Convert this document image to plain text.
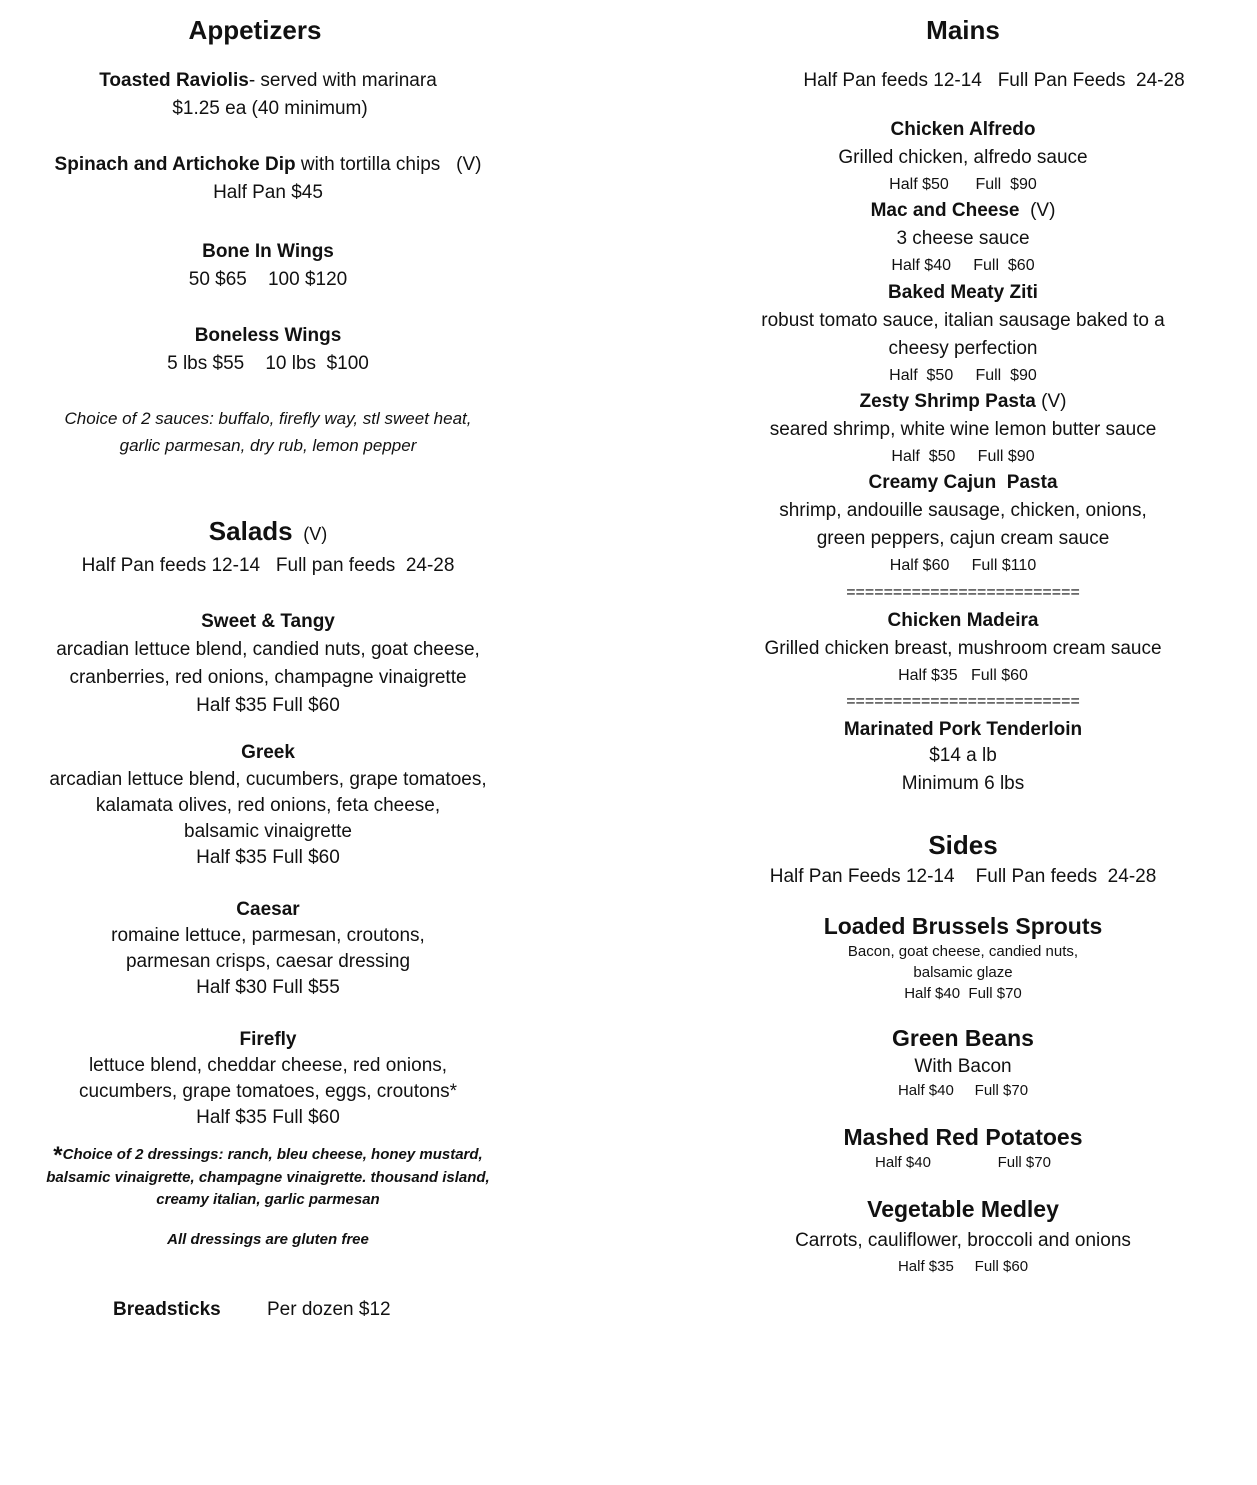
Appetizers
Toasted Raviolis- served with marinara
$1.25 ea (40 minimum)
Spinach and Artichoke Dip with tortilla chips   (V)
Half Pan $45
Bone In Wings
50 $65    100 $120
Boneless Wings
5 lbs $55    10 lbs  $100
Choice of 2 sauces: buffalo, firefly way, stl sweet heat,
garlic parmesan, dry rub, lemon pepper
Salads (V)
Half Pan feeds 12-14   Full pan feeds  24-28
Sweet & Tangy
arcadian lettuce blend, candied nuts, goat cheese,
cranberries, red onions, champagne vinaigrette
Half $35 Full $60
Greek
arcadian lettuce blend, cucumbers, grape tomatoes,
kalamata olives, red onions, feta cheese,
balsamic vinaigrette
Half $35 Full $60
Caesar
romaine lettuce, parmesan, croutons,
parmesan crisps, caesar dressing
Half $30 Full $55
Firefly
lettuce blend, cheddar cheese, red onions,
cucumbers, grape tomatoes, eggs, croutons*
Half $35 Full $60
*Choice of 2 dressings: ranch, bleu cheese, honey mustard,
balsamic vinaigrette, champagne vinaigrette. thousand island,
creamy italian, garlic parmesan
All dressings are gluten free
Breadsticks Per dozen $12
Mains
Half Pan feeds 12-14   Full Pan Feeds  24-28
Chicken Alfredo
Grilled chicken, alfredo sauce
Half $50      Full  $90
Mac and Cheese  (V)
3 cheese sauce
Half $40     Full  $60
Baked Meaty Ziti
robust tomato sauce, italian sausage baked to a
cheesy perfection
Half  $50     Full  $90
Zesty Shrimp Pasta (V)
seared shrimp, white wine lemon butter sauce
Half  $50     Full $90
Creamy Cajun  Pasta
shrimp, andouille sausage, chicken, onions,
green peppers, cajun cream sauce
Half $60     Full $110
=========================
Chicken Madeira
Grilled chicken breast, mushroom cream sauce
Half $35   Full $60
=========================
Marinated Pork Tenderloin
$14 a lb
Minimum 6 lbs
Sides
Half Pan Feeds 12-14    Full Pan feeds  24-28
Loaded Brussels Sprouts
Bacon, goat cheese, candied nuts,
balsamic glaze
Half $40  Full $70
Green Beans
With Bacon
Half $40     Full $70
Mashed Red Potatoes
Half $40                Full $70
Vegetable Medley
Carrots, cauliflower, broccoli and onions
Half $35     Full $60
